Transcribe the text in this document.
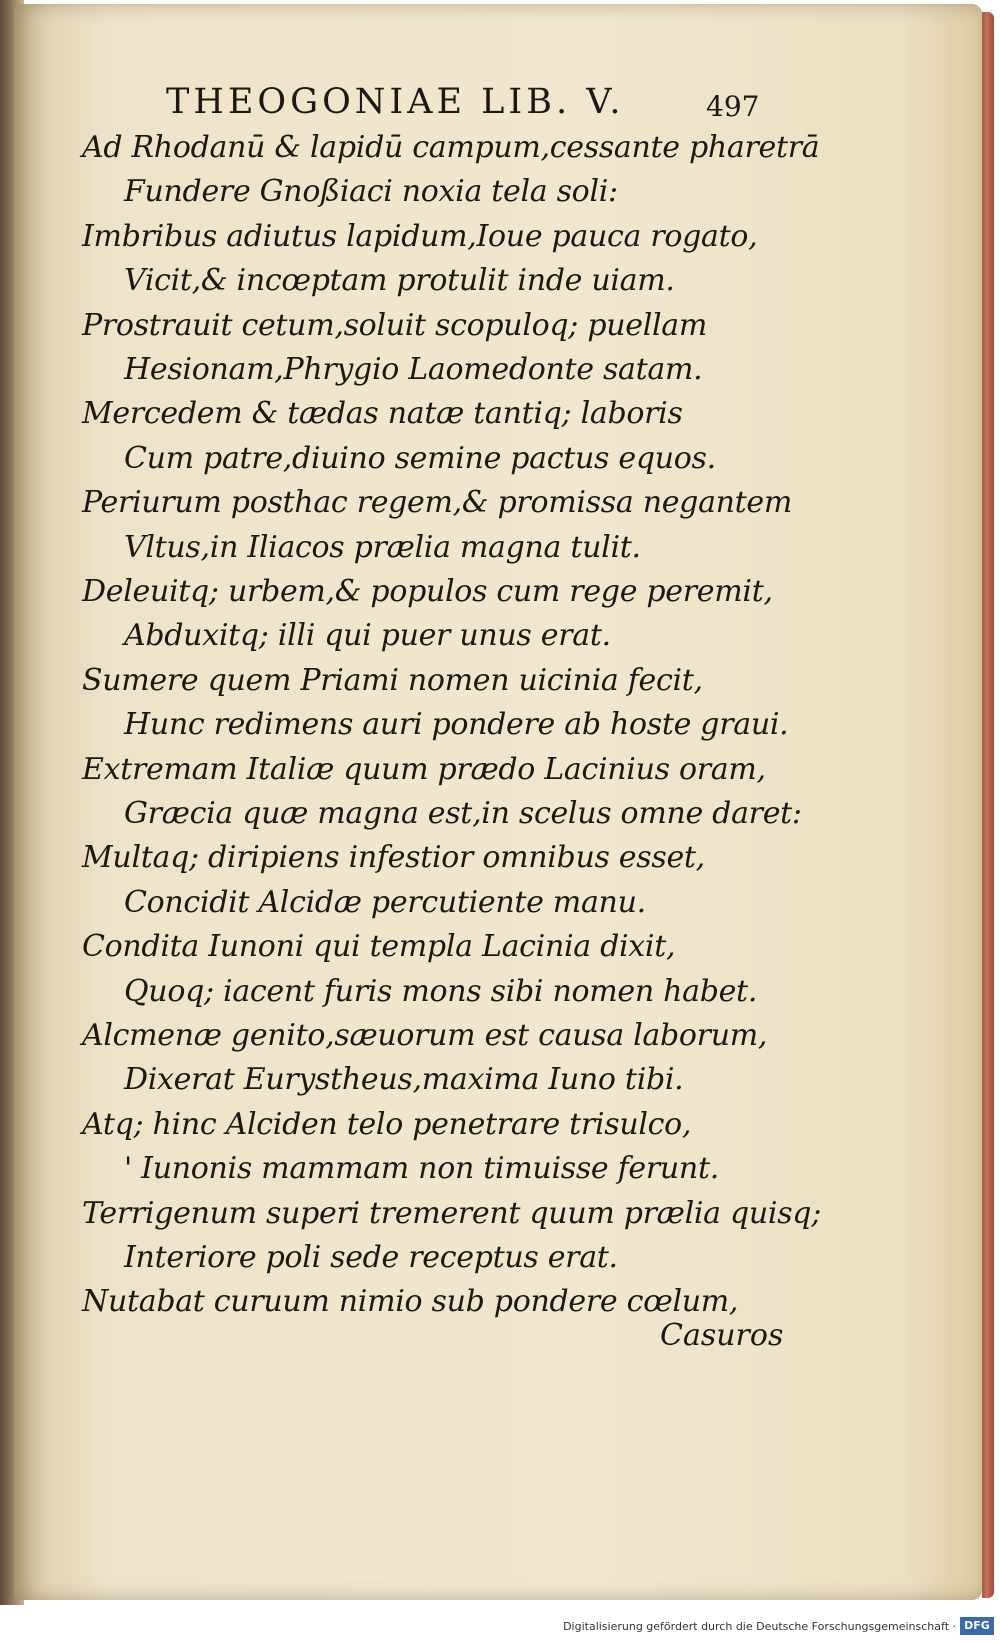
THEOGONIAE LIB. V.	497
Ad Rhodanū & lapidū campum,cessante pharetrā
Fundere Gnoßiaci noxia tela soli:
Imbribus adiutus lapidum,Ioue pauca rogato,
Vicit,& incœptam protulit inde uiam.
Prostrauit cetum,soluit scopuloq; puellam
Hesionam,Phrygio Laomedonte satam.
Mercedem & tædas natæ tantiq; laboris
Cum patre,diuino semine pactus equos.
Periurum posthac regem,& promissa negantem
Vltus,in Iliacos prælia magna tulit.
Deleuitq; urbem,& populos cum rege peremit,
Abduxitq; illi qui puer unus erat.
Sumere quem Priami nomen uicinia fecit,
Hunc redimens auri pondere ab hoste graui.
Extremam Italiæ quum prædo Lacinius oram,
Græcia quæ magna est,in scelus omne daret:
Multaq; diripiens infestior omnibus esset,
Concidit Alcidæ percutiente manu.
Condita Iunoni qui templa Lacinia dixit,
Quoq; iacent furis mons sibi nomen habet.
Alcmenæ genito,sæuorum est causa laborum,
Dixerat Eurystheus,maxima Iuno tibi.
Atq; hinc Alciden telo penetrare trisulco,
' Iunonis mammam non timuisse ferunt.
Terrigenum superi tremerent quum prælia quisq;
Interiore poli sede receptus erat.
Nutabat curuum nimio sub pondere cœlum,
Casuros
Digitalisierung gefördert durch die Deutsche Forschungsgemeinschaft · DFG
